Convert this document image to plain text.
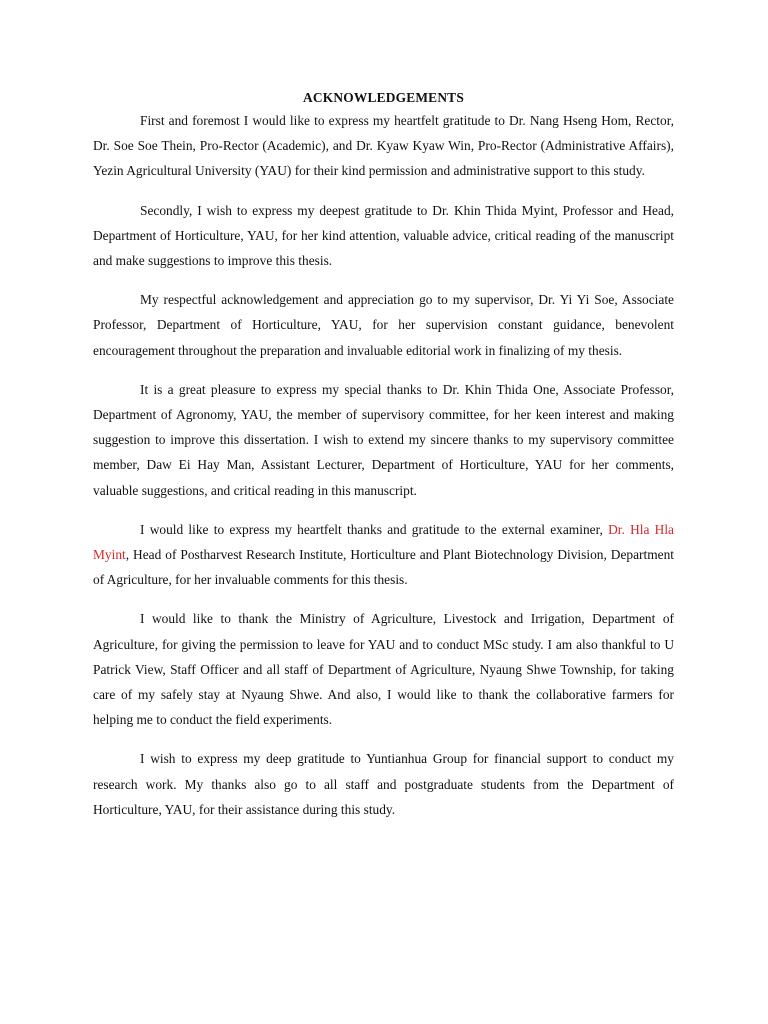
ACKNOWLEDGEMENTS

First and foremost I would like to express my heartfelt gratitude to Dr. Nang Hseng Hom, Rector, Dr. Soe Soe Thein, Pro-Rector (Academic), and Dr. Kyaw Kyaw Win, Pro-Rector (Administrative Affairs), Yezin Agricultural University (YAU) for their kind permission and administrative support to this study.

Secondly, I wish to express my deepest gratitude to Dr. Khin Thida Myint, Professor and Head, Department of Horticulture, YAU, for her kind attention, valuable advice, critical reading of the manuscript and make suggestions to improve this thesis.

My respectful acknowledgement and appreciation go to my supervisor, Dr. Yi Yi Soe, Associate Professor, Department of Horticulture, YAU, for her supervision constant guidance, benevolent encouragement throughout the preparation and invaluable editorial work in finalizing of my thesis.

It is a great pleasure to express my special thanks to Dr. Khin Thida One, Associate Professor, Department of Agronomy, YAU, the member of supervisory committee, for her keen interest and making suggestion to improve this dissertation. I wish to extend my sincere thanks to my supervisory committee member, Daw Ei Hay Man, Assistant Lecturer, Department of Horticulture, YAU for her comments, valuable suggestions, and critical reading in this manuscript.

I would like to express my heartfelt thanks and gratitude to the external examiner, Dr. Hla Hla Myint, Head of Postharvest Research Institute, Horticulture and Plant Biotechnology Division, Department of Agriculture, for her invaluable comments for this thesis.

I would like to thank the Ministry of Agriculture, Livestock and Irrigation, Department of Agriculture, for giving the permission to leave for YAU and to conduct MSc study. I am also thankful to U Patrick View, Staff Officer and all staff of Department of Agriculture, Nyaung Shwe Township, for taking care of my safely stay at Nyaung Shwe. And also, I would like to thank the collaborative farmers for helping me to conduct the field experiments.

I wish to express my deep gratitude to Yuntianhua Group for financial support to conduct my research work. My thanks also go to all staff and postgraduate students from the Department of Horticulture, YAU, for their assistance during this study.
